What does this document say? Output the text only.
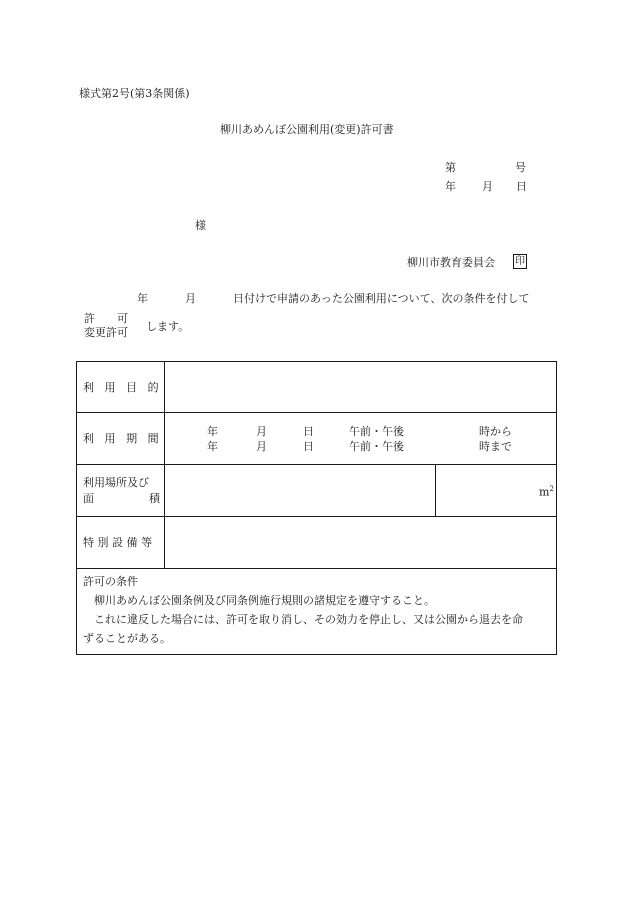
様式第2号(第3条関係)
柳川あめんぼ公園利用(変更)許可書
第	号
年 月 日
様
柳川市教育委員会 印
年	月	日付けで申請のあった公園利用について、次の条件を付して
許　　可
変更許可 します。
利 用 目 的
利 用 期 間
年	月	日	午前・午後	時から
年	月	日	午前・午後	時まで
利用場所及び
面	積	$m^2$
特別設備等
許可の条件
柳川あめんぼ公園条例及び同条例施行規則の諸規定を遵守すること。
これに違反した場合には、許可を取り消し、その効力を停止し、又は公園から退去を命
ずることがある。
